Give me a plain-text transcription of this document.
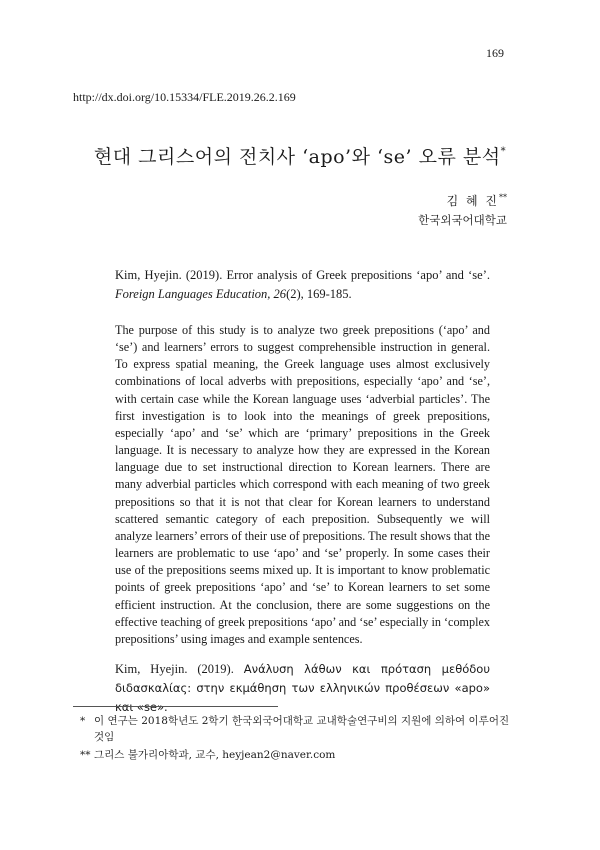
169
http://dx.doi.org/10.15334/FLE.2019.26.2.169
현대 그리스어의 전치사 ‘apo’와 ‘se’ 오류 분석*
김 혜 진**
한국외국어대학교
Kim, Hyejin. (2019). Error analysis of Greek prepositions ‘apo’ and ‘se’. Foreign Languages Education, 26(2), 169-185.
The purpose of this study is to analyze two greek prepositions (‘apo’ and ‘se’) and learners’ errors to suggest comprehensible instruction in general. To express spatial meaning, the Greek language uses almost exclusively combinations of local adverbs with prepositions, especially ‘apo’ and ‘se’, with certain case while the Korean language uses ‘adverbial particles’. The first investigation is to look into the meanings of greek prepositions, especially ‘apo’ and ‘se’ which are ‘primary’ prepositions in the Greek language. It is necessary to analyze how they are expressed in the Korean language due to set instructional direction to Korean learners. There are many adverbial particles which correspond with each meaning of two greek prepositions so that it is not that clear for Korean learners to understand scattered semantic category of each preposition. Subsequently we will analyze learners’ errors of their use of prepositions. The result shows that the learners are problematic to use ‘apo’ and ‘se’ properly. In some cases their use of the prepositions seems mixed up. It is important to know problematic points of greek prepositions ‘apo’ and ‘se’ to Korean learners to set some efficient instruction. At the conclusion, there are some suggestions on the effective teaching of greek prepositions ‘apo’ and ‘se’ especially in ‘complex prepositions’ using images and example sentences.
Kim, Hyejin. (2019). Ανάλυση λάθων και πρόταση μεθόδου διδασκαλίας: στην εκμάθηση των ελληνικών προθέσεων «apo» και «se».
* 이 연구는 2018학년도 2학기 한국외국어대학교 교내학술연구비의 지원에 의하여 이루어진
것임
** 그리스 불가리아학과, 교수, heyjean2@naver.com
